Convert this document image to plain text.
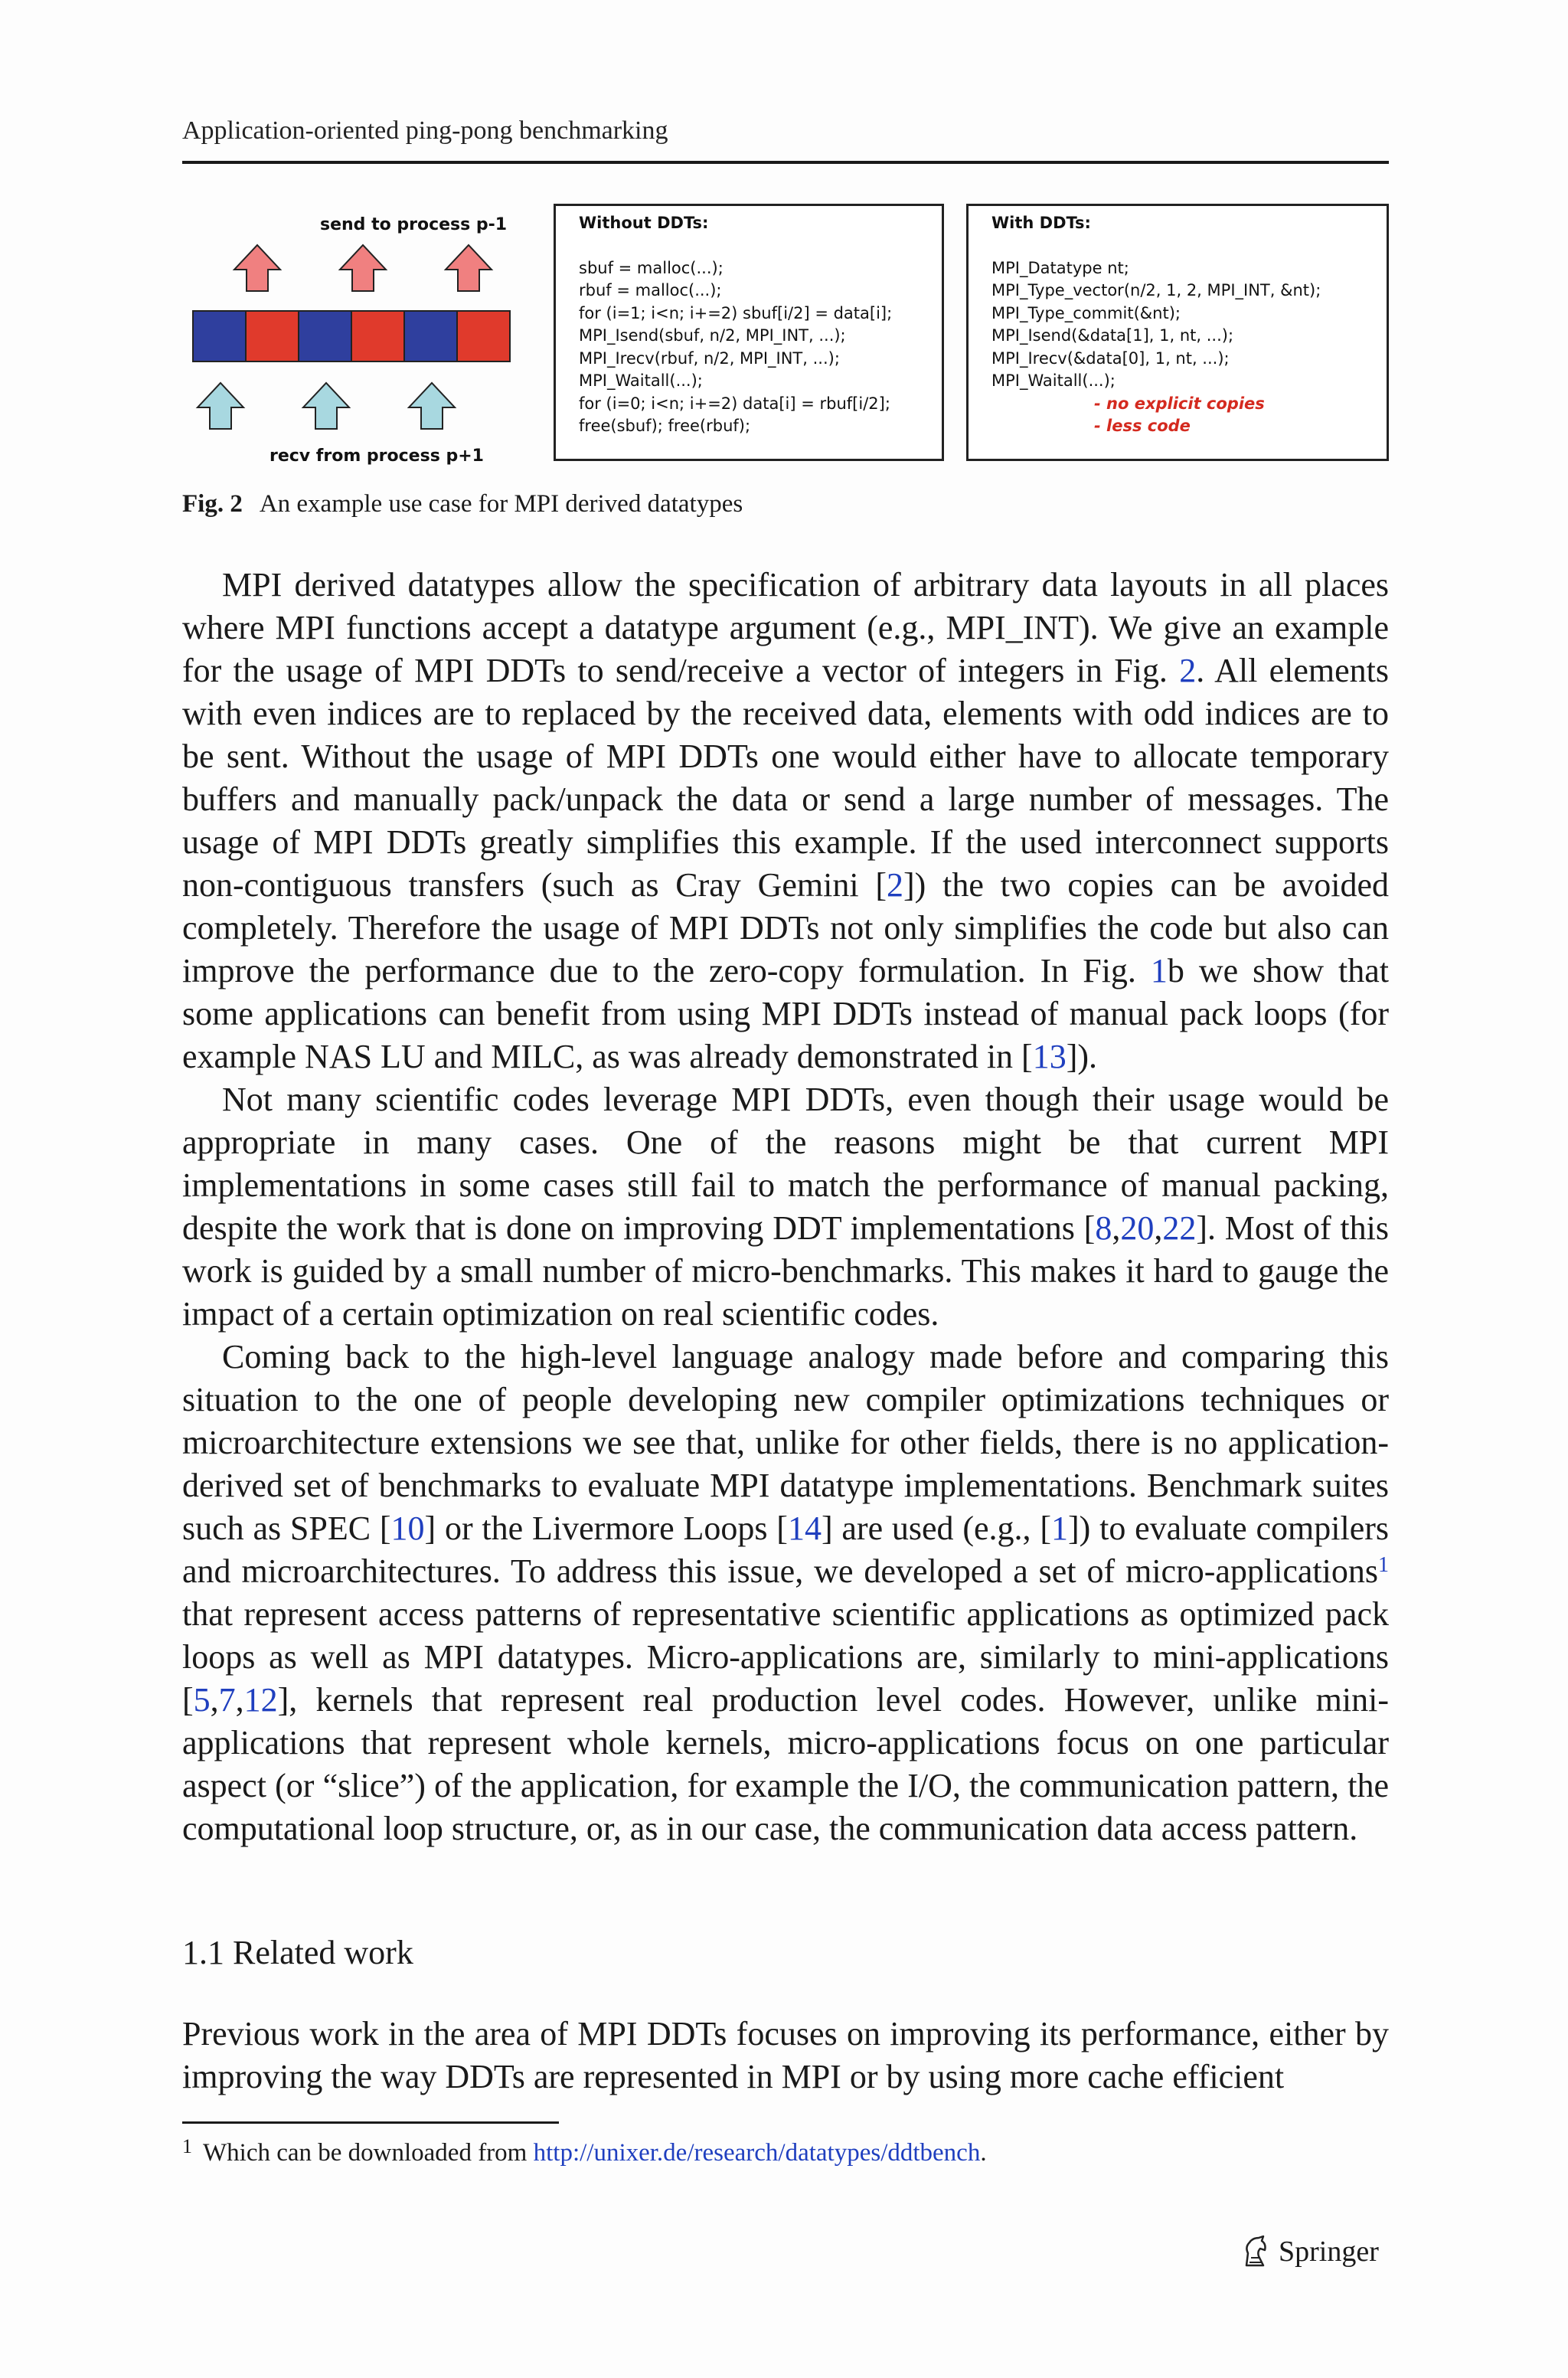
Application-oriented ping-pong benchmarking
send to process p-1
recv from process p+1
Without DDTs:
sbuf = malloc(...);
rbuf = malloc(...);
for (i=1; i<n; i+=2) sbuf[i/2] = data[i];
MPI_Isend(sbuf, n/2, MPI_INT, ...);
MPI_Irecv(rbuf, n/2, MPI_INT, ...);
MPI_Waitall(...);
for (i=0; i<n; i+=2) data[i] = rbuf[i/2];
free(sbuf); free(rbuf);
With DDTs:
MPI_Datatype nt;
MPI_Type_vector(n/2, 1, 2, MPI_INT, &nt);
MPI_Type_commit(&nt);
MPI_Isend(&data[1], 1, nt, ...);
MPI_Irecv(&data[0], 1, nt, ...);
MPI_Waitall(...);
- no explicit copies
- less code
Fig. 2 An example use case for MPI derived datatypes

MPI derived datatypes allow the specification of arbitrary data layouts in all places where MPI functions accept a datatype argument (e.g., MPI_INT). We give an example for the usage of MPI DDTs to send/receive a vector of integers in Fig. 2. All elements with even indices are to replaced by the received data, elements with odd indices are to be sent. Without the usage of MPI DDTs one would either have to allocate temporary buffers and manually pack/unpack the data or send a large number of messages. The usage of MPI DDTs greatly simplifies this example. If the used interconnect supports non-contiguous transfers (such as Cray Gemini [2]) the two copies can be avoided completely. Therefore the usage of MPI DDTs not only simplifies the code but also can improve the performance due to the zero-copy formulation. In Fig. 1b we show that some applications can benefit from using MPI DDTs instead of manual pack loops (for example NAS LU and MILC, as was already demonstrated in [13]).

Not many scientific codes leverage MPI DDTs, even though their usage would be appropriate in many cases. One of the reasons might be that current MPI implementations in some cases still fail to match the performance of manual packing, despite the work that is done on improving DDT implementations [8,20,22]. Most of this work is guided by a small number of micro-benchmarks. This makes it hard to gauge the impact of a certain optimization on real scientific codes.

Coming back to the high-level language analogy made before and comparing this situation to the one of people developing new compiler optimizations techniques or microarchitecture extensions we see that, unlike for other fields, there is no application-derived set of benchmarks to evaluate MPI datatype implementations. Benchmark suites such as SPEC [10] or the Livermore Loops [14] are used (e.g., [1]) to evaluate compilers and microarchitectures. To address this issue, we developed a set of micro-applications$^1$ that represent access patterns of representative scientific applications as optimized pack loops as well as MPI datatypes. Micro-applications are, similarly to mini-applications [5,7,12], kernels that represent real production level codes. However, unlike mini-applications that represent whole kernels, micro-applications focus on one particular aspect (or “slice”) of the application, for example the I/O, the communication pattern, the computational loop structure, or, as in our case, the communication data access pattern.

1.1 Related work

Previous work in the area of MPI DDTs focuses on improving its performance, either by improving the way DDTs are represented in MPI or by using more cache efficient

$^1$ Which can be downloaded from http://unixer.de/research/datatypes/ddtbench.
Springer
